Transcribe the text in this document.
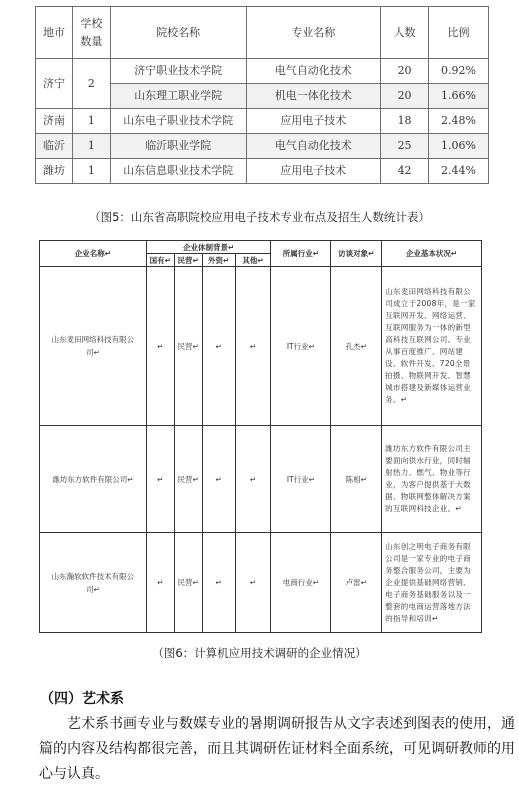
地市	学校数量	院校名称	专业名称	人数	比例
济宁	2	济宁职业技术学院	电气自动化技术	20	0.92%
		山东理工职业学院	机电一体化技术	20	1.66%
济南	1	山东电子职业技术学院	应用电子技术	18	2.48%
临沂	1	临沂职业学院	电气自动化技术	25	1.06%
潍坊	1	山东信息职业技术学院	应用电子技术	42	2.44%
（图5：山东省高职院校应用电子技术专业布点及招生人数统计表）
企业名称↵	企业体制背景↵				所属行业↵	访谈对象↵	企业基本状况↵
	国有↵	民营↵	外资↵	其他↵			
山东麦田网络科技有限公司↵	↵	民营↵	↵	↵	IT行业↵	孔杰↵	山东麦田网络科技有限公司成立于2008年，是一家互联网开发、网络运营、互联网服务为一体的新型高科技互联网公司。专业从事百度推广、网站建设、软件开发、720全景拍摄、物联网开发、智慧城市搭建及新媒体运营业务。↵
潍坊东方软件有限公司↵	↵	民营↵	↵	↵	IT行业↵	陈相↵	潍坊东方软件有限公司主要面向供水行业，同时辐射热力、燃气、物业等行业，为客户提供基于大数据、物联网整体解决方案的互联网科技企业。↵
山东瀚软软件技术有限公司↵	↵	民营↵	↵	↵	电商行业↵	卢雷↵	山东创之明电子商务有限公司是一家专业的电子商务整合服务公司，主要为企业提供基础网络营销、电子商务基础服务以及一整套的电商运营落地方法的指导和培训↵
（图6：计算机应用技术调研的企业情况）
（四）艺术系

艺术系书画专业与数媒专业的暑期调研报告从文字表述到图表的使用，通篇的内容及结构都很完善，而且其调研佐证材料全面系统，可见调研教师的用心与认真。
